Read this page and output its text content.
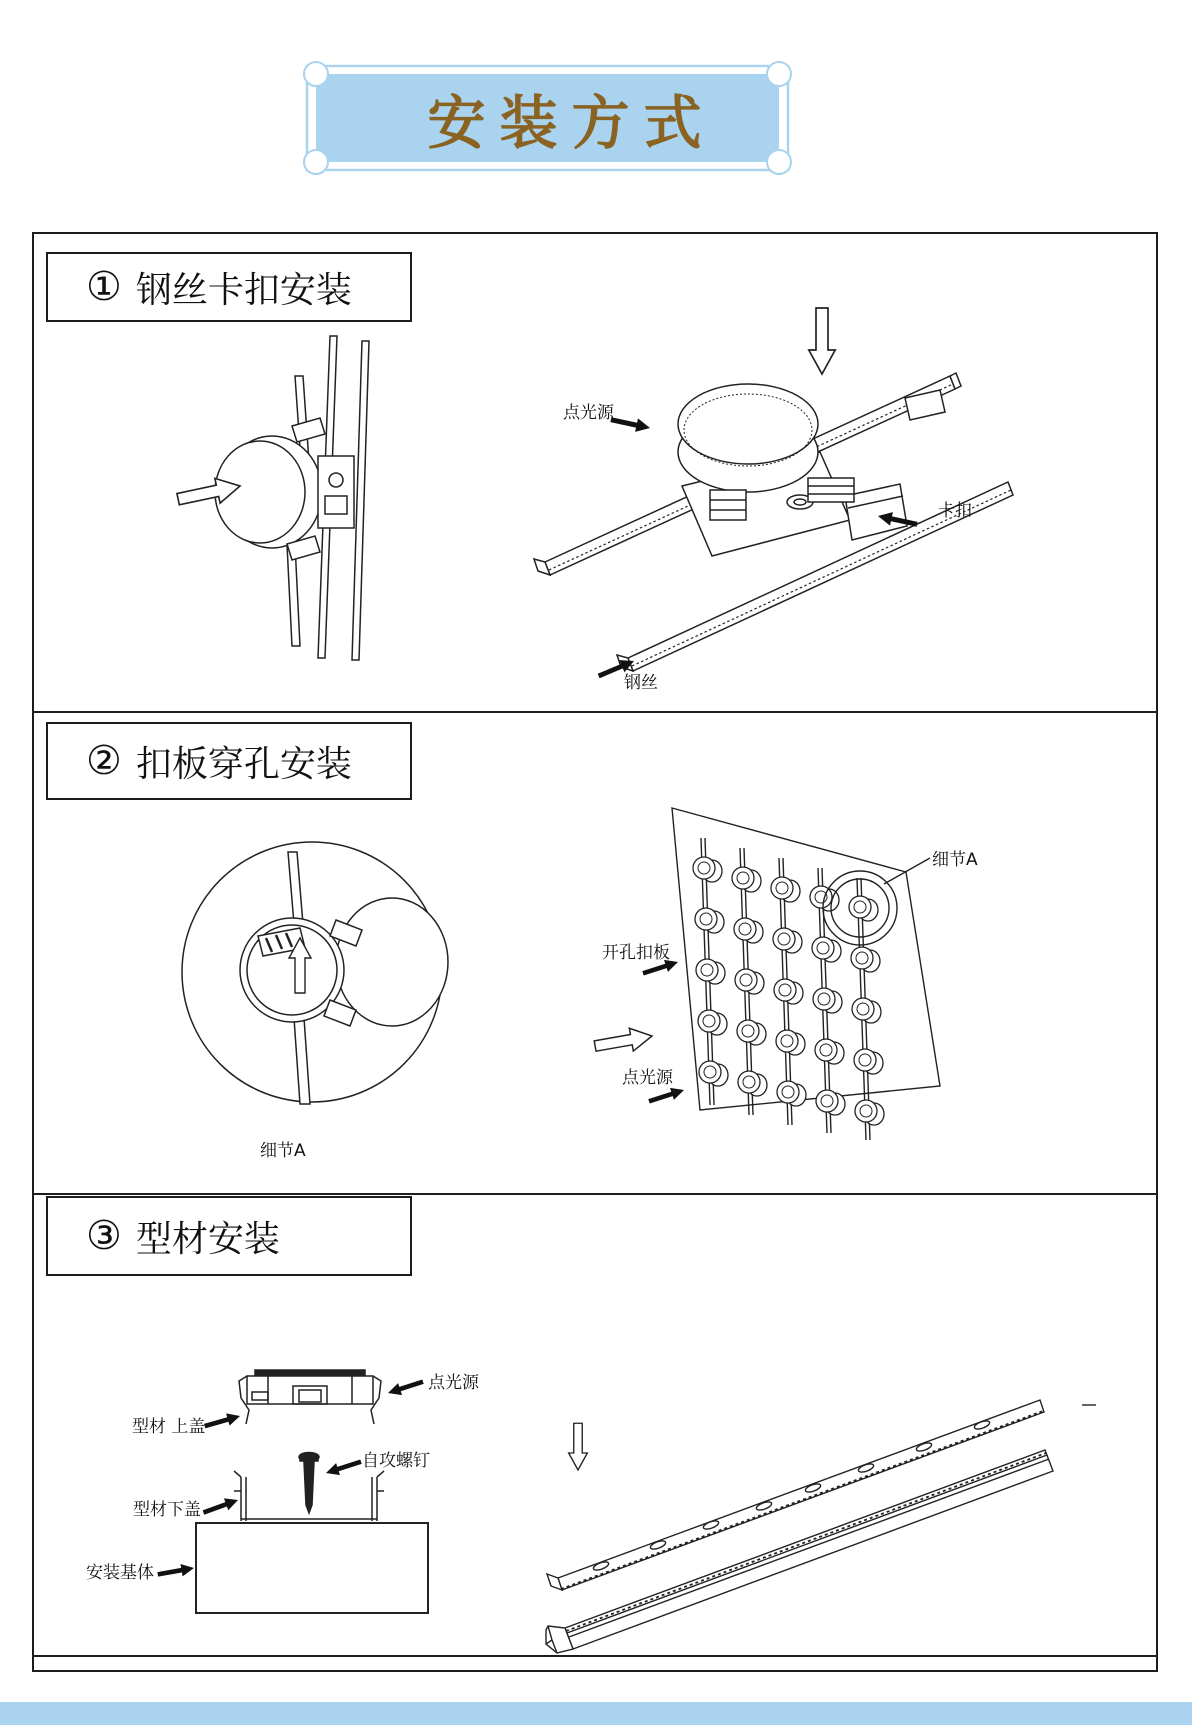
① 钢丝卡扣安装
② 扣板穿孔安装
③ 型材安装
安装方式
点光源
卡扣
钢丝
细节A
开孔扣板
点光源
细节A
点光源
型材 上盖
自攻螺钉
型材下盖
安装基体
